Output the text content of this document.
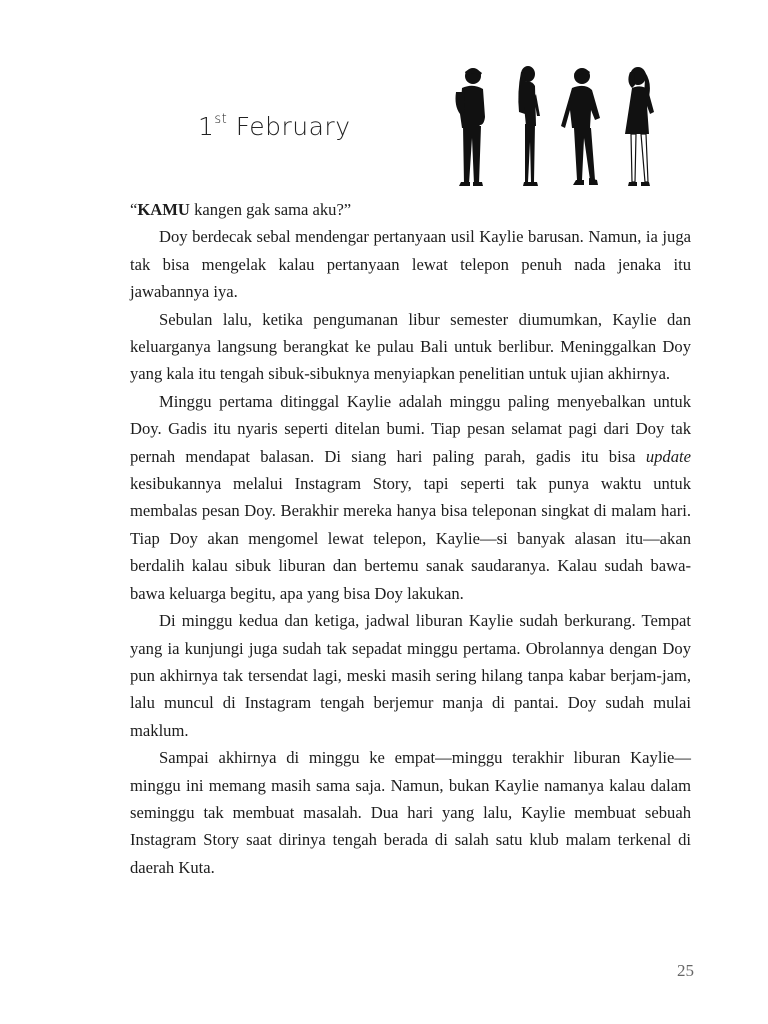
1st February

“KAMU kangen gak sama aku?”

Doy berdecak sebal mendengar pertanyaan usil Kaylie barusan. Namun, ia juga tak bisa mengelak kalau pertanyaan lewat telepon penuh nada jenaka itu jawabannya iya.

Sebulan lalu, ketika pengumanan libur semester diumumkan, Kaylie dan keluarganya langsung berangkat ke pulau Bali untuk berlibur. Meninggalkan Doy yang kala itu tengah sibuk-sibuknya menyiapkan penelitian untuk ujian akhirnya.

Minggu pertama ditinggal Kaylie adalah minggu paling menyebalkan untuk Doy. Gadis itu nyaris seperti ditelan bumi. Tiap pesan selamat pagi dari Doy tak pernah mendapat balasan. Di siang hari paling parah, gadis itu bisa update kesibukannya melalui Instagram Story, tapi seperti tak punya waktu untuk membalas pesan Doy. Berakhir mereka hanya bisa teleponan singkat di malam hari. Tiap Doy akan mengomel lewat telepon, Kaylie—si banyak alasan itu—akan berdalih kalau sibuk liburan dan bertemu sanak saudaranya. Kalau sudah bawa-bawa keluarga begitu, apa yang bisa Doy lakukan.

Di minggu kedua dan ketiga, jadwal liburan Kaylie sudah berkurang. Tempat yang ia kunjungi juga sudah tak sepadat minggu pertama. Obrolannya dengan Doy pun akhirnya tak tersendat lagi, meski masih sering hilang tanpa kabar berjam-jam, lalu muncul di Instagram tengah berjemur manja di pantai. Doy sudah mulai maklum.

Sampai akhirnya di minggu ke empat—minggu terakhir liburan Kaylie—minggu ini memang masih sama saja. Namun, bukan Kaylie namanya kalau dalam seminggu tak membuat masalah. Dua hari yang lalu, Kaylie membuat sebuah Instagram Story saat dirinya tengah berada di salah satu klub malam terkenal di daerah Kuta.

25
